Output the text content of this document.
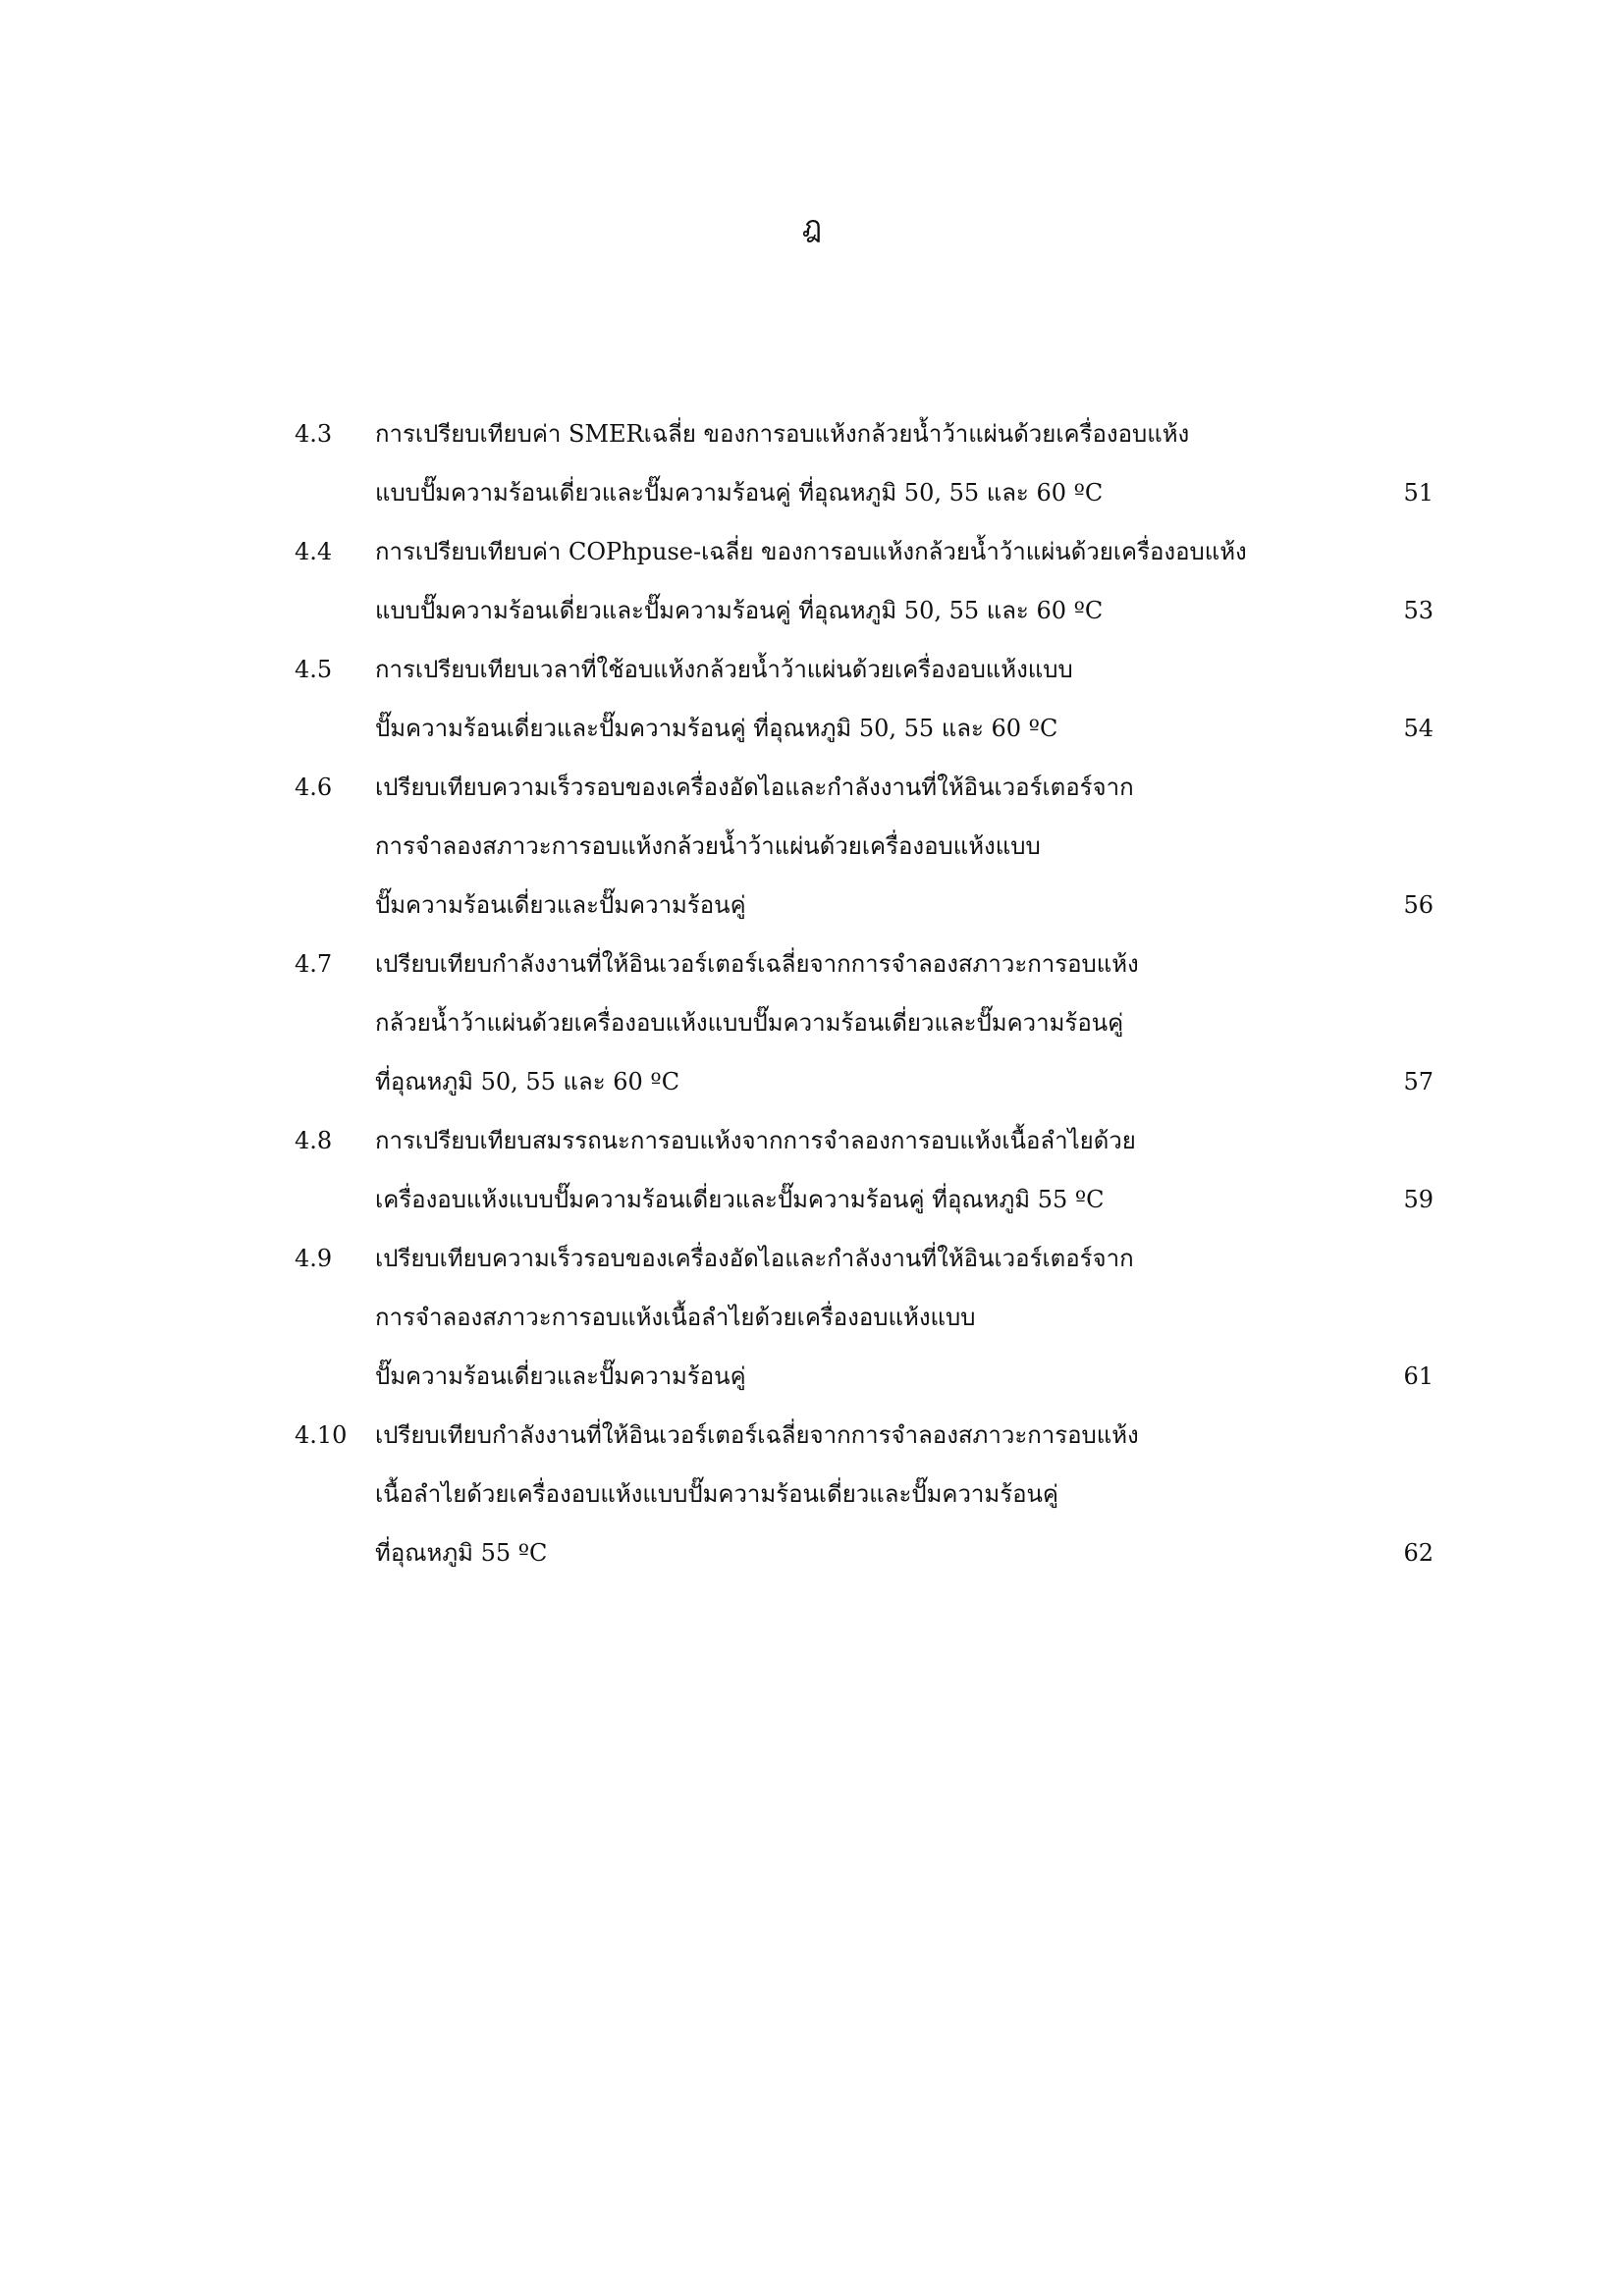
ฎ
4.3	การเปรียบเทียบค่า SMERเฉลี่ย ของการอบแห้งกล้วยน้ำว้าแผ่นด้วยเครื่องอบแห้ง
แบบปั๊มความร้อนเดี่ยวและปั๊มความร้อนคู่ ที่อุณหภูมิ 50, 55 และ 60 ºC	51
4.4	การเปรียบเทียบค่า COPhpuse-เฉลี่ย ของการอบแห้งกล้วยน้ำว้าแผ่นด้วยเครื่องอบแห้ง
แบบปั๊มความร้อนเดี่ยวและปั๊มความร้อนคู่ ที่อุณหภูมิ 50, 55 และ 60 ºC	53
4.5	การเปรียบเทียบเวลาที่ใช้อบแห้งกล้วยน้ำว้าแผ่นด้วยเครื่องอบแห้งแบบ
ปั๊มความร้อนเดี่ยวและปั๊มความร้อนคู่ ที่อุณหภูมิ 50, 55 และ 60 ºC	54
4.6	เปรียบเทียบความเร็วรอบของเครื่องอัดไอและกำลังงานที่ให้อินเวอร์เตอร์จาก
การจำลองสภาวะการอบแห้งกล้วยน้ำว้าแผ่นด้วยเครื่องอบแห้งแบบ
ปั๊มความร้อนเดี่ยวและปั๊มความร้อนคู่	56
4.7	เปรียบเทียบกำลังงานที่ให้อินเวอร์เตอร์เฉลี่ยจากการจำลองสภาวะการอบแห้ง
กล้วยน้ำว้าแผ่นด้วยเครื่องอบแห้งแบบปั๊มความร้อนเดี่ยวและปั๊มความร้อนคู่
ที่อุณหภูมิ 50, 55 และ 60 ºC	57
4.8	การเปรียบเทียบสมรรถนะการอบแห้งจากการจำลองการอบแห้งเนื้อลำไยด้วย
เครื่องอบแห้งแบบปั๊มความร้อนเดี่ยวและปั๊มความร้อนคู่ ที่อุณหภูมิ 55 ºC	59
4.9	เปรียบเทียบความเร็วรอบของเครื่องอัดไอและกำลังงานที่ให้อินเวอร์เตอร์จาก
การจำลองสภาวะการอบแห้งเนื้อลำไยด้วยเครื่องอบแห้งแบบ
ปั๊มความร้อนเดี่ยวและปั๊มความร้อนคู่	61
4.10	เปรียบเทียบกำลังงานที่ให้อินเวอร์เตอร์เฉลี่ยจากการจำลองสภาวะการอบแห้ง
เนื้อลำไยด้วยเครื่องอบแห้งแบบปั๊มความร้อนเดี่ยวและปั๊มความร้อนคู่
ที่อุณหภูมิ 55 ºC	62
